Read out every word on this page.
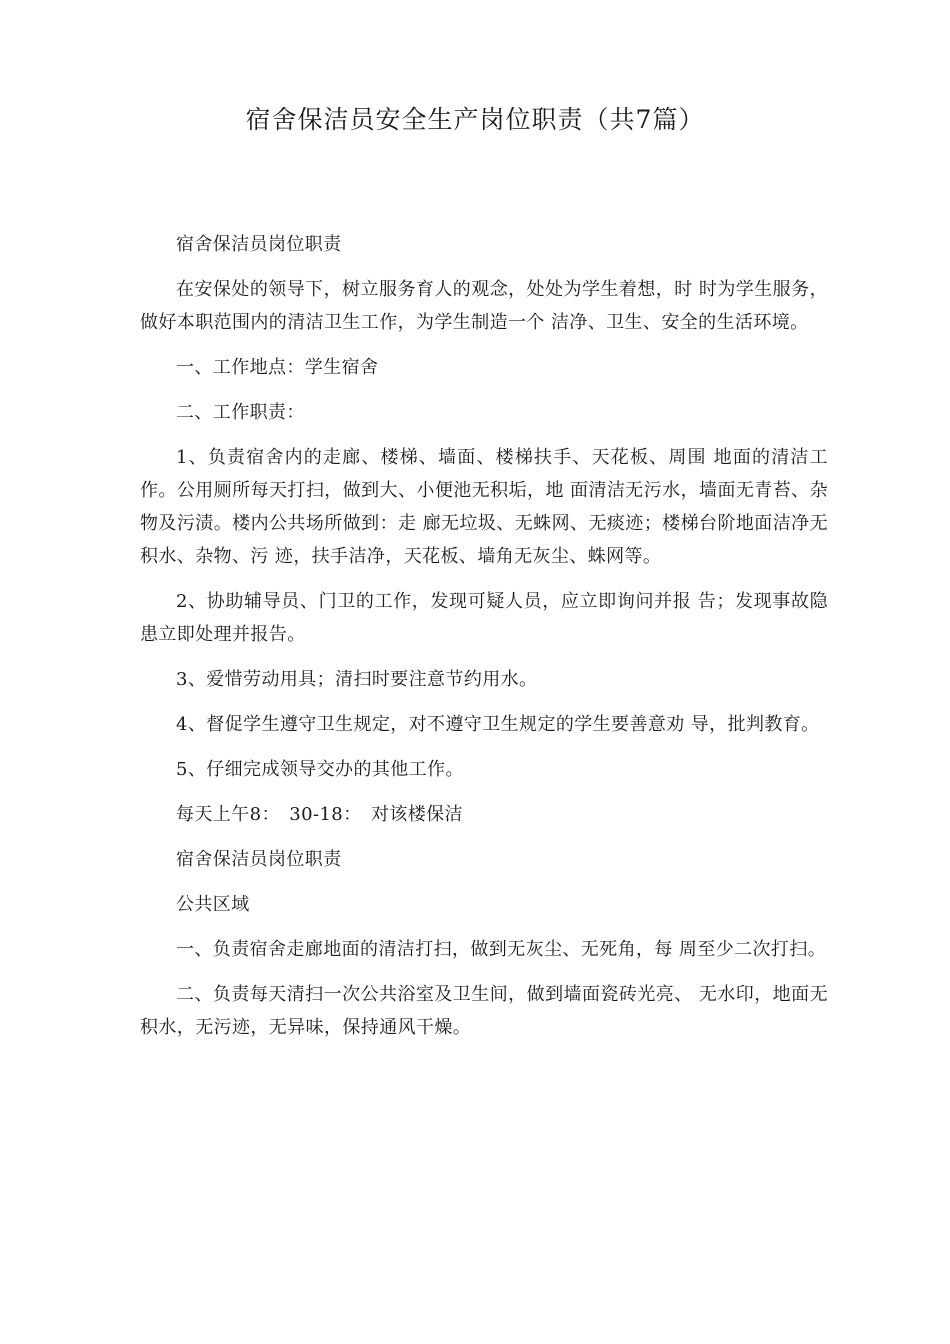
宿舍保洁员安全生产岗位职责（共7篇）

宿舍保洁员岗位职责

在安保处的领导下，树立服务育人的观念，处处为学生着想，时 时为学生服务，做好本职范围内的清洁卫生工作，为学生制造一个 洁净、卫生、安全的生活环境。

一、工作地点：学生宿舍

二、工作职责：

1、负责宿舍内的走廊、楼梯、墙面、楼梯扶手、天花板、周围 地面的清洁工作。公用厕所每天打扫，做到大、小便池无积垢，地 面清洁无污水，墙面无青苔、杂物及污渍。楼内公共场所做到：走 廊无垃圾、无蛛网、无痰迹；楼梯台阶地面洁净无积水、杂物、污 迹，扶手洁净，天花板、墙角无灰尘、蛛网等。

2、协助辅导员、门卫的工作，发现可疑人员，应立即询问并报 告；发现事故隐患立即处理并报告。

3、爱惜劳动用具；清扫时要注意节约用水。

4、督促学生遵守卫生规定，对不遵守卫生规定的学生要善意劝 导，批判教育。

5、仔细完成领导交办的其他工作。

每天上午8：　30-18：　对该楼保洁

宿舍保洁员岗位职责

公共区域

一、负责宿舍走廊地面的清洁打扫，做到无灰尘、无死角，每 周至少二次打扫。

二、负责每天清扫一次公共浴室及卫生间，做到墙面瓷砖光亮、 无水印，地面无积水，无污迹，无异味，保持通风干燥。
